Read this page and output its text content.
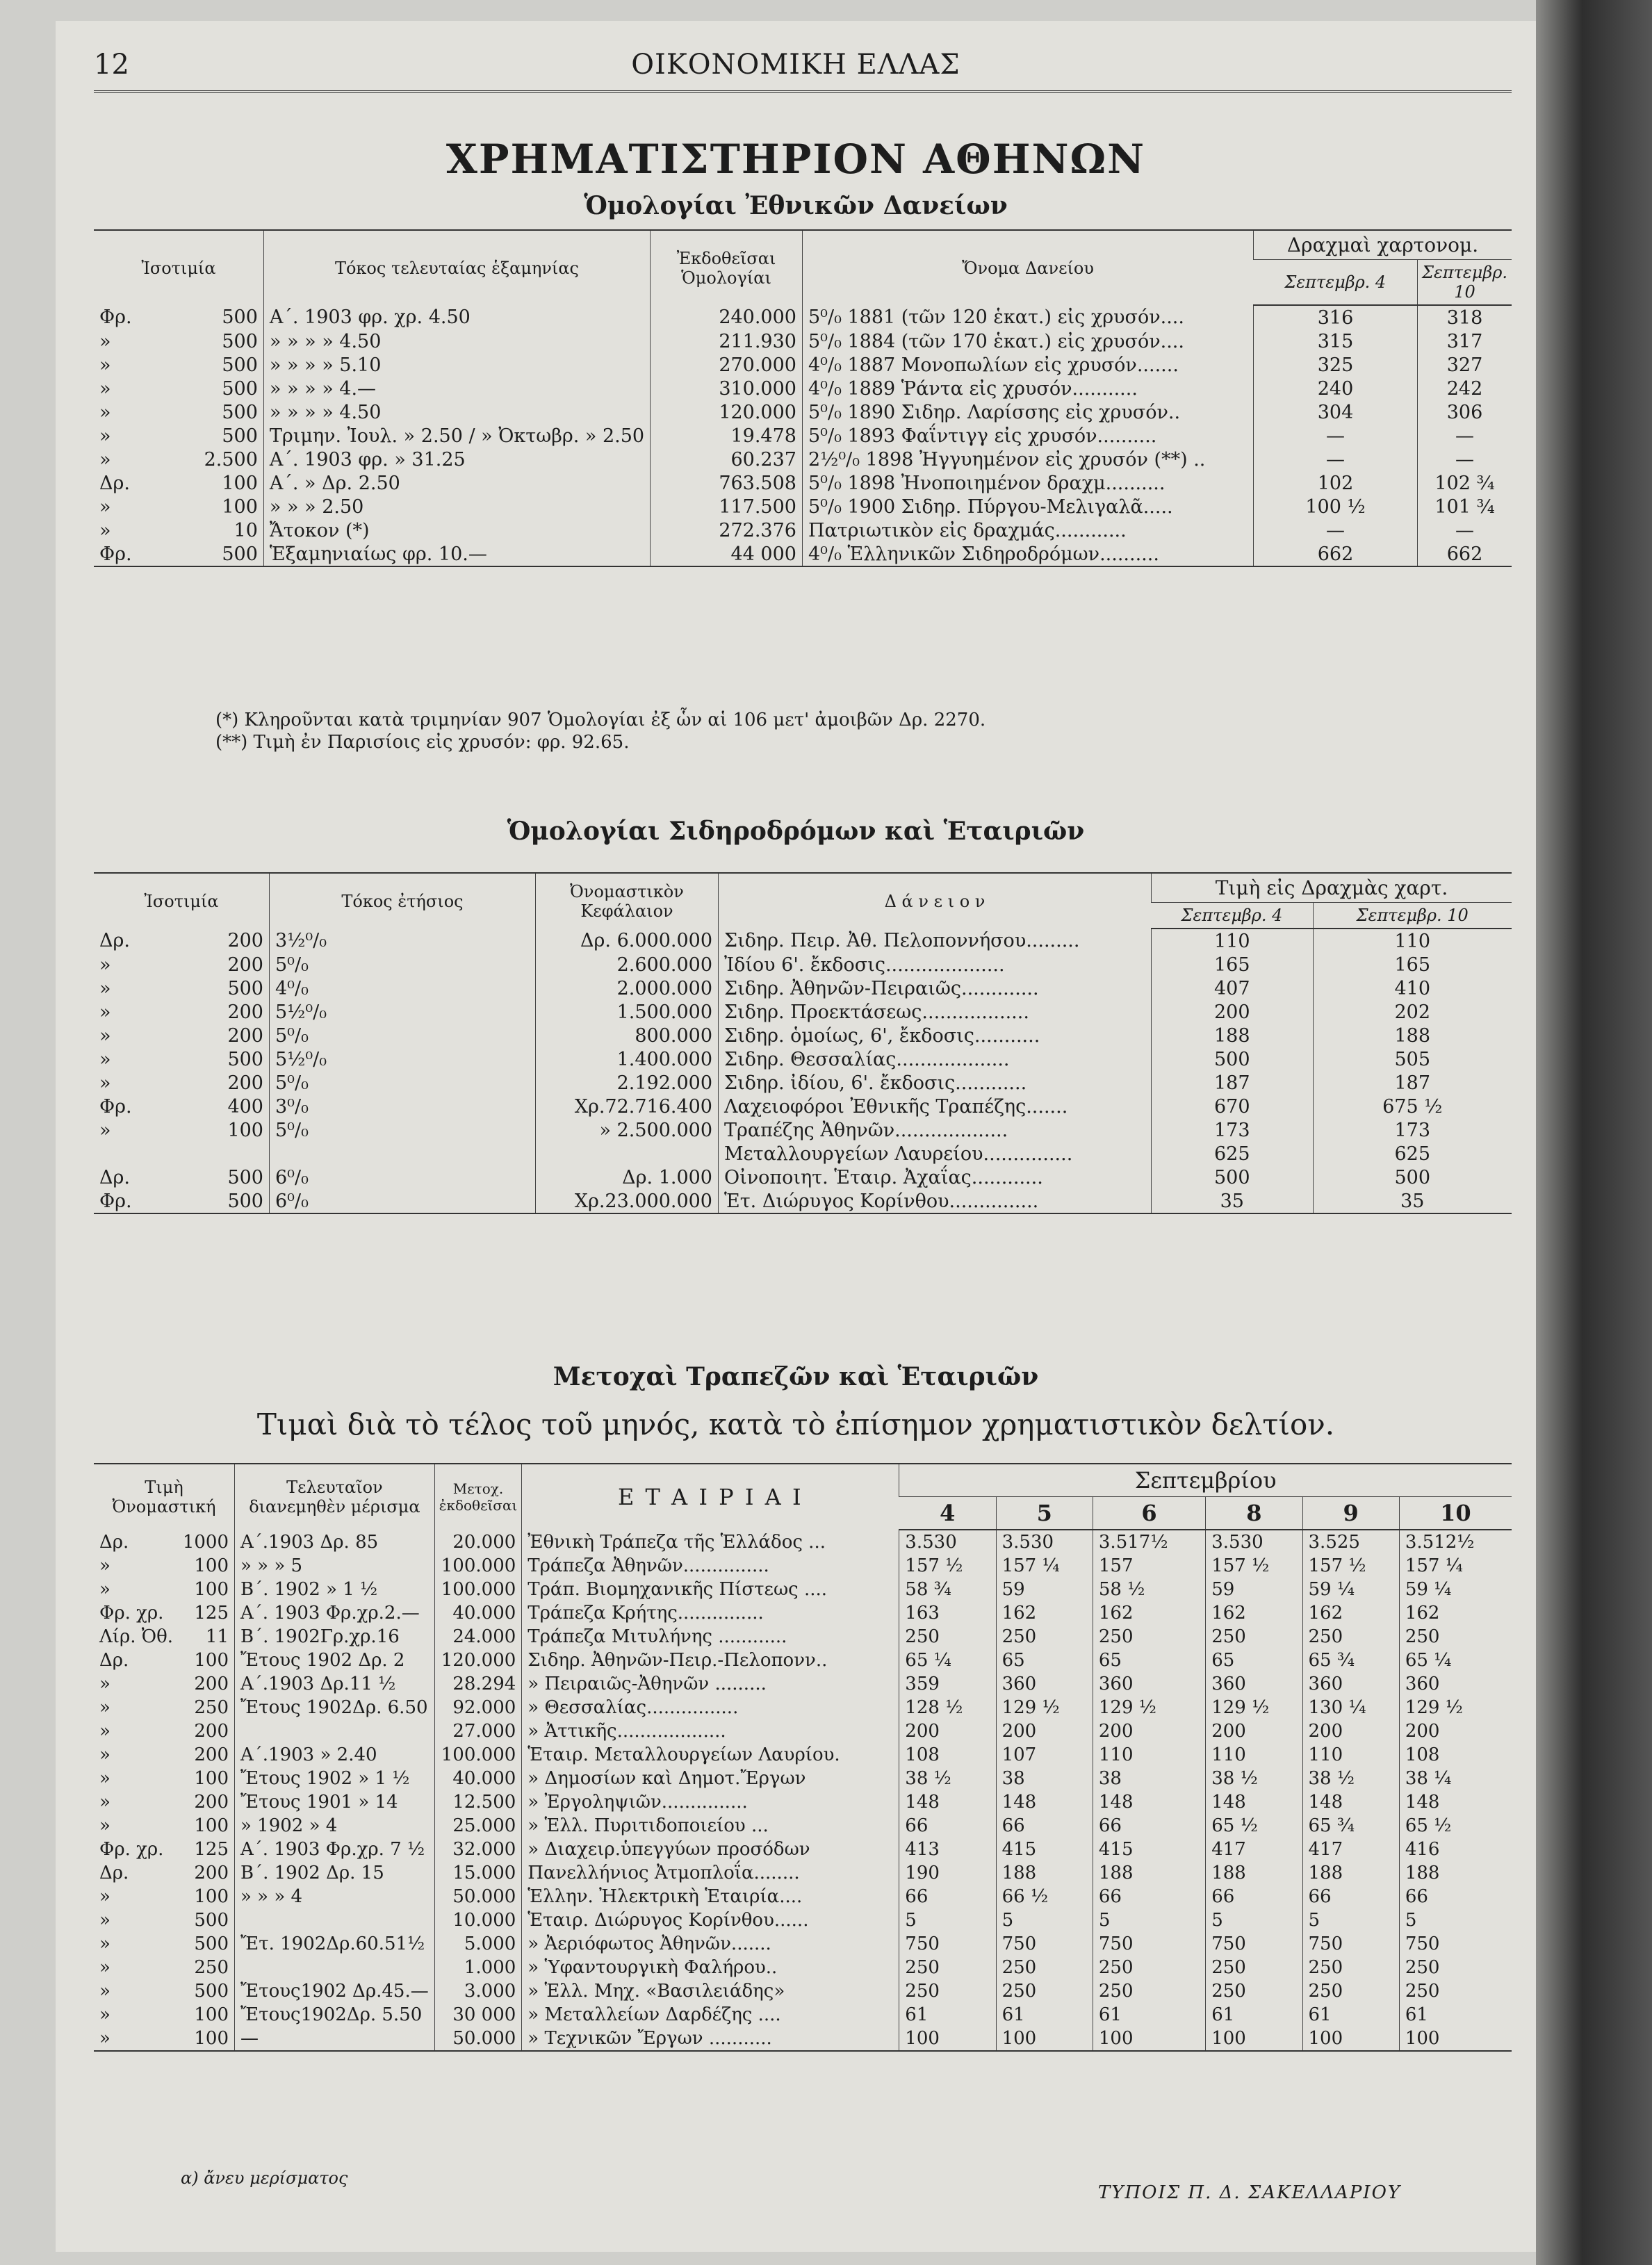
12	ΟΙΚΟΝΟΜΙΚΗ ΕΛΛΑΣ
ΧΡΗΜΑΤΙΣΤΗΡΙΟΝ ΑΘΗΝΩΝ
Ὁμολογίαι Ἐθνικῶν Δανείων
Ἰσοτιμία	Τόκος τελευταίας ἑξαμηνίας	Ἐκδοθεῖσαι Ὁμολογίαι	Ὄνομα Δανείου	Δραχμαὶ χαρτονομ.	
				Σεπτεμβρ. 4	Σεπτεμβρ. 10

Φρ. 500	Α΄. 1903 φρ. χρ. 4.50	240.000	5⁰/₀ 1881 (τῶν 120 ἑκατ.) εἰς χρυσόν....	316	318

» 500	» » » » 4.50	211.930	5⁰/₀ 1884 (τῶν 170 ἑκατ.) εἰς χρυσόν....	315	317

» 500	» » » » 5.10	270.000	4⁰/₀ 1887 Μονοπωλίων εἰς χρυσόν.......	325	327

» 500	» » » » 4.—	310.000	4⁰/₀ 1889 Ῥάντα εἰς χρυσόν...........	240	242

» 500	» » » » 4.50	120.000	5⁰/₀ 1890 Σιδηρ. Λαρίσσης εἰς χρυσόν..	304	306

» 500	Τριμην. Ἰουλ. » 2.50 / » Ὀκτωβρ. » 2.50	19.478	5⁰/₀ 1893 Φαΐντιγγ εἰς χρυσόν..........	—	—

» 2.500	Α΄. 1903 φρ. » 31.25	60.237	2½⁰/₀ 1898 Ἠγγυημένον εἰς χρυσόν (**) ..	—	—

Δρ. 100	Α΄. » Δρ. 2.50	763.508	5⁰/₀ 1898 Ἠνοποιημένον δραχμ..........	102	102 ¾

» 100	» » » 2.50	117.500	5⁰/₀ 1900 Σιδηρ. Πύργου-Μελιγαλᾶ.....	100 ½	101 ¾

» 10	Ἄτοκον (*)	272.376	Πατριωτικὸν εἰς δραχμάς............	—	—

Φρ. 500	Ἑξαμηνιαίως φρ. 10.—	44 000	4⁰/₀ Ἑλληνικῶν Σιδηροδρόμων..........	662	662
(*) Κληροῦνται κατὰ τριμηνίαν 907 Ὁμολογίαι ἐξ ὧν αἱ 106 μετ' ἀμοιβῶν Δρ. 2270.
(**) Τιμὴ ἐν Παρισίοις εἰς χρυσόν: φρ. 92.65.
Ὁμολογίαι Σιδηροδρόμων καὶ Ἑταιριῶν
Ἰσοτιμία	Τόκος ἐτήσιος	Ὀνομαστικὸν Κεφάλαιον	Δ ά ν ε ι ο ν	Τιμὴ εἰς Δραχμὰς χαρτ.	
				Σεπτεμβρ. 4	Σεπτεμβρ. 10

Δρ. 200	3½⁰/₀	Δρ. 6.000.000	Σιδηρ. Πειρ. Ἀθ. Πελοποννήσου.........	110	110

» 200	5⁰/₀	2.600.000	Ἰδίου 6'. ἔκδοσις....................	165	165

» 500	4⁰/₀	2.000.000	Σιδηρ. Ἀθηνῶν-Πειραιῶς.............	407	410

» 200	5½⁰/₀	1.500.000	Σιδηρ. Προεκτάσεως..................	200	202

» 200	5⁰/₀	800.000	Σιδηρ. ὁμοίως, 6', ἔκδοσις...........	188	188

» 500	5½⁰/₀	1.400.000	Σιδηρ. Θεσσαλίας...................	500	505

» 200	5⁰/₀	2.192.000	Σιδηρ. ἰδίου, 6'. ἔκδοσις............	187	187

Φρ. 400	3⁰/₀	Χρ.72.716.400	Λαχειοφόροι Ἐθνικῆς Τραπέζης.......	670	675 ½

» 100	5⁰/₀	» 2.500.000	Τραπέζης Ἀθηνῶν...................	173	173

			Μεταλλουργείων Λαυρείου...............	625	625

Δρ. 500	6⁰/₀	Δρ. 1.000	Οἰνοποιητ. Ἑταιρ. Ἀχαΐας............	500	500

Φρ. 500	6⁰/₀	Χρ.23.000.000	Ἑτ. Διώρυγος Κορίνθου...............	35	35
Μετοχαὶ Τραπεζῶν καὶ Ἑταιριῶν
Τιμαὶ διὰ τὸ τέλος τοῦ μηνός, κατὰ τὸ ἐπίσημον χρηματιστικὸν δελτίον.
Τιμὴ Ὀνομαστική	Τελευταῖον διανεμηθὲν μέρισμα	Μετοχ. ἐκδοθεῖσαι	Ε Τ Α Ι Ρ Ι Α Ι	Σεπτεμβρίου					
				4	5	6	8	9	10

Δρ. 1000	Α΄.1903 Δρ. 85	20.000	Ἐθνικὴ Τράπεζα τῆς Ἑλλάδος ...	3.530	3.530	3.517½	3.530	3.525	3.512½

» 100	» » » 5	100.000	Τράπεζα Ἀθηνῶν...............	157 ½	157 ¼	157	157 ½	157 ½	157 ¼

» 100	Β΄. 1902 » 1 ½	100.000	Τράπ. Βιομηχανικῆς Πίστεως ....	58 ¾	59	58 ½	59	59 ¼	59 ¼

Φρ. χρ. 125	Α΄. 1903 Φρ.χρ.2.—	40.000	Τράπεζα Κρήτης...............	163	162	162	162	162	162

Λίρ. Ὀθ. 11	Β΄. 1902Γρ.χρ.16	24.000	Τράπεζα Μιτυλήνης ............	250	250	250	250	250	250

Δρ. 100	Ἔτους 1902 Δρ. 2	120.000	Σιδηρ. Ἀθηνῶν-Πειρ.-Πελοπονν..	65 ¼	65	65	65	65 ¾	65 ¼

» 200	Α΄.1903 Δρ.11 ½	28.294	» Πειραιῶς-Ἀθηνῶν .........	359	360	360	360	360	360

» 250	Ἔτους 1902Δρ. 6.50	92.000	» Θεσσαλίας................	128 ½	129 ½	129 ½	129 ½	130 ¼	129 ½

» 200		27.000	» Ἀττικῆς...................	200	200	200	200	200	200

» 200	Α΄.1903 » 2.40	100.000	Ἑταιρ. Μεταλλουργείων Λαυρίου.	108	107	110	110	110	108

» 100	Ἔτους 1902 » 1 ½	40.000	» Δημοσίων καὶ Δημοτ.Ἔργων	38 ½	38	38	38 ½	38 ½	38 ¼

» 200	Ἔτους 1901 » 14	12.500	» Ἐργοληψιῶν...............	148	148	148	148	148	148

» 100	» 1902 » 4	25.000	» Ἑλλ. Πυριτιδοποιείου ...	66	66	66	65 ½	65 ¾	65 ½

Φρ. χρ. 125	Α΄. 1903 Φρ.χρ. 7 ½	32.000	» Διαχειρ.ὑπεγγύων προσόδων	413	415	415	417	417	416

Δρ. 200	Β΄. 1902 Δρ. 15	15.000	Πανελλήνιος Ἀτμοπλοΐα........	190	188	188	188	188	188

» 100	» » » 4	50.000	Ἑλλην. Ἠλεκτρικὴ Ἑταιρία....	66	66 ½	66	66	66	66

» 500		10.000	Ἑταιρ. Διώρυγος Κορίνθου......	5	5	5	5	5	5

» 500	Ἔτ. 1902Δρ.60.51½	5.000	» Ἀεριόφωτος Ἀθηνῶν.......	750	750	750	750	750	750

» 250		1.000	» Ὑφαντουργικὴ Φαλήρου..	250	250	250	250	250	250

» 500	Ἔτους1902 Δρ.45.—	3.000	» Ἑλλ. Μηχ. «Βασιλειάδης»	250	250	250	250	250	250

» 100	Ἔτους1902Δρ. 5.50	30 000	» Μεταλλείων Δαρδέζης ....	61	61	61	61	61	61

» 100	—	50.000	» Τεχνικῶν Ἔργων ...........	100	100	100	100	100	100
α) ἄνευ μερίσματος
ΤΥΠΟΙΣ Π. Δ. ΣΑΚΕΛΛΑΡΙΟΥ
